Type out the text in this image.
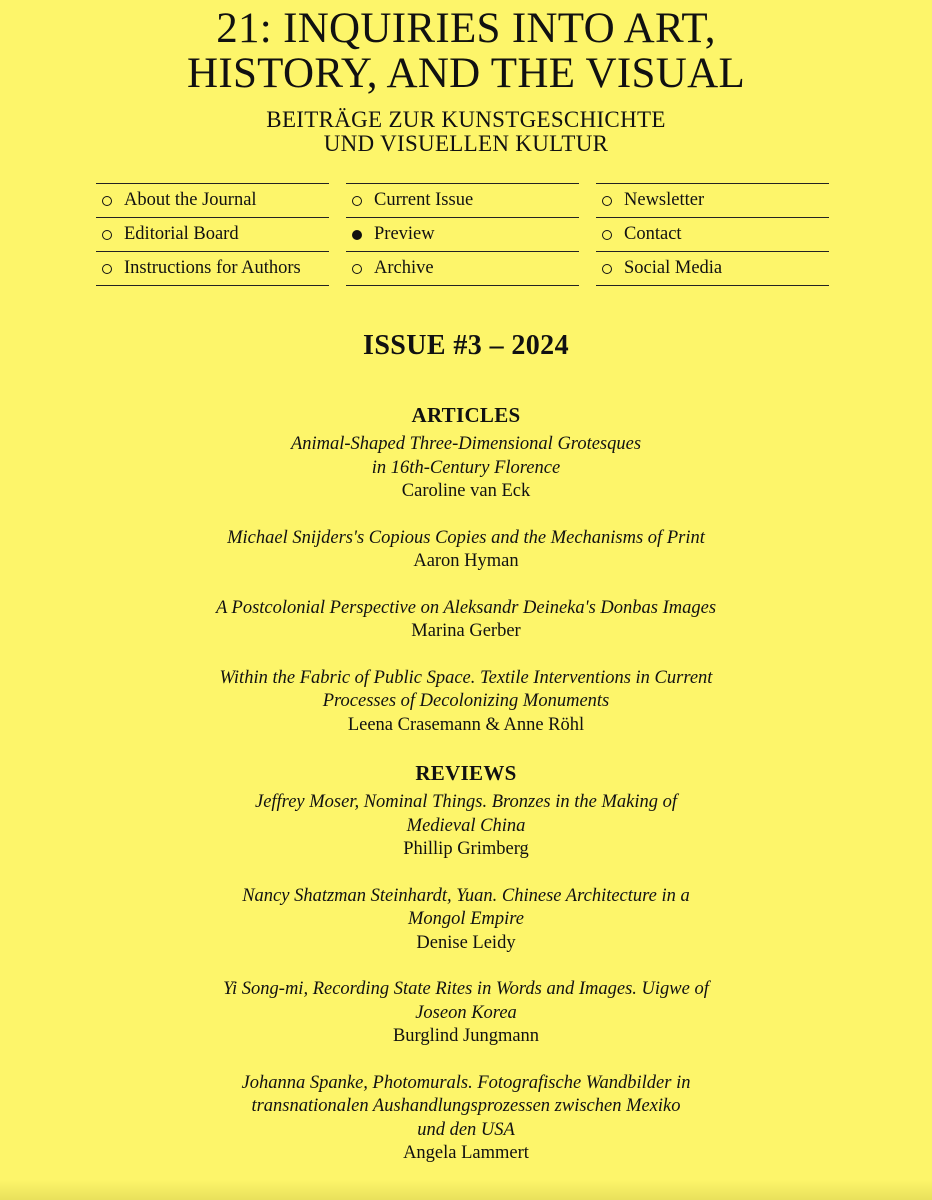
21: INQUIRIES INTO ART,
HISTORY, AND THE VISUAL

BEITRÄGE ZUR KUNSTGESCHICHTE
UND VISUELLEN KULTUR

About the Journal
Editorial Board
Instructions for Authors
Current Issue
Preview
Archive
Newsletter
Contact
Social Media
ISSUE #3 – 2024
ARTICLES

Animal-Shaped Three-Dimensional Grotesques
in 16th-Century Florence

Caroline van Eck

Michael Snijders's Copious Copies and the Mechanisms of Print

Aaron Hyman

A Postcolonial Perspective on Aleksandr Deineka's Donbas Images

Marina Gerber

Within the Fabric of Public Space. Textile Interventions in Current
Processes of Decolonizing Monuments

Leena Crasemann & Anne Röhl

REVIEWS

Jeffrey Moser, Nominal Things. Bronzes in the Making of
Medieval China

Phillip Grimberg

Nancy Shatzman Steinhardt, Yuan. Chinese Architecture in a
Mongol Empire

Denise Leidy

Yi Song-mi, Recording State Rites in Words and Images. Uigwe of
Joseon Korea

Burglind Jungmann

Johanna Spanke, Photomurals. Fotografische Wandbilder in
transnationalen Aushandlungsprozessen zwischen Mexiko
und den USA

Angela Lammert
